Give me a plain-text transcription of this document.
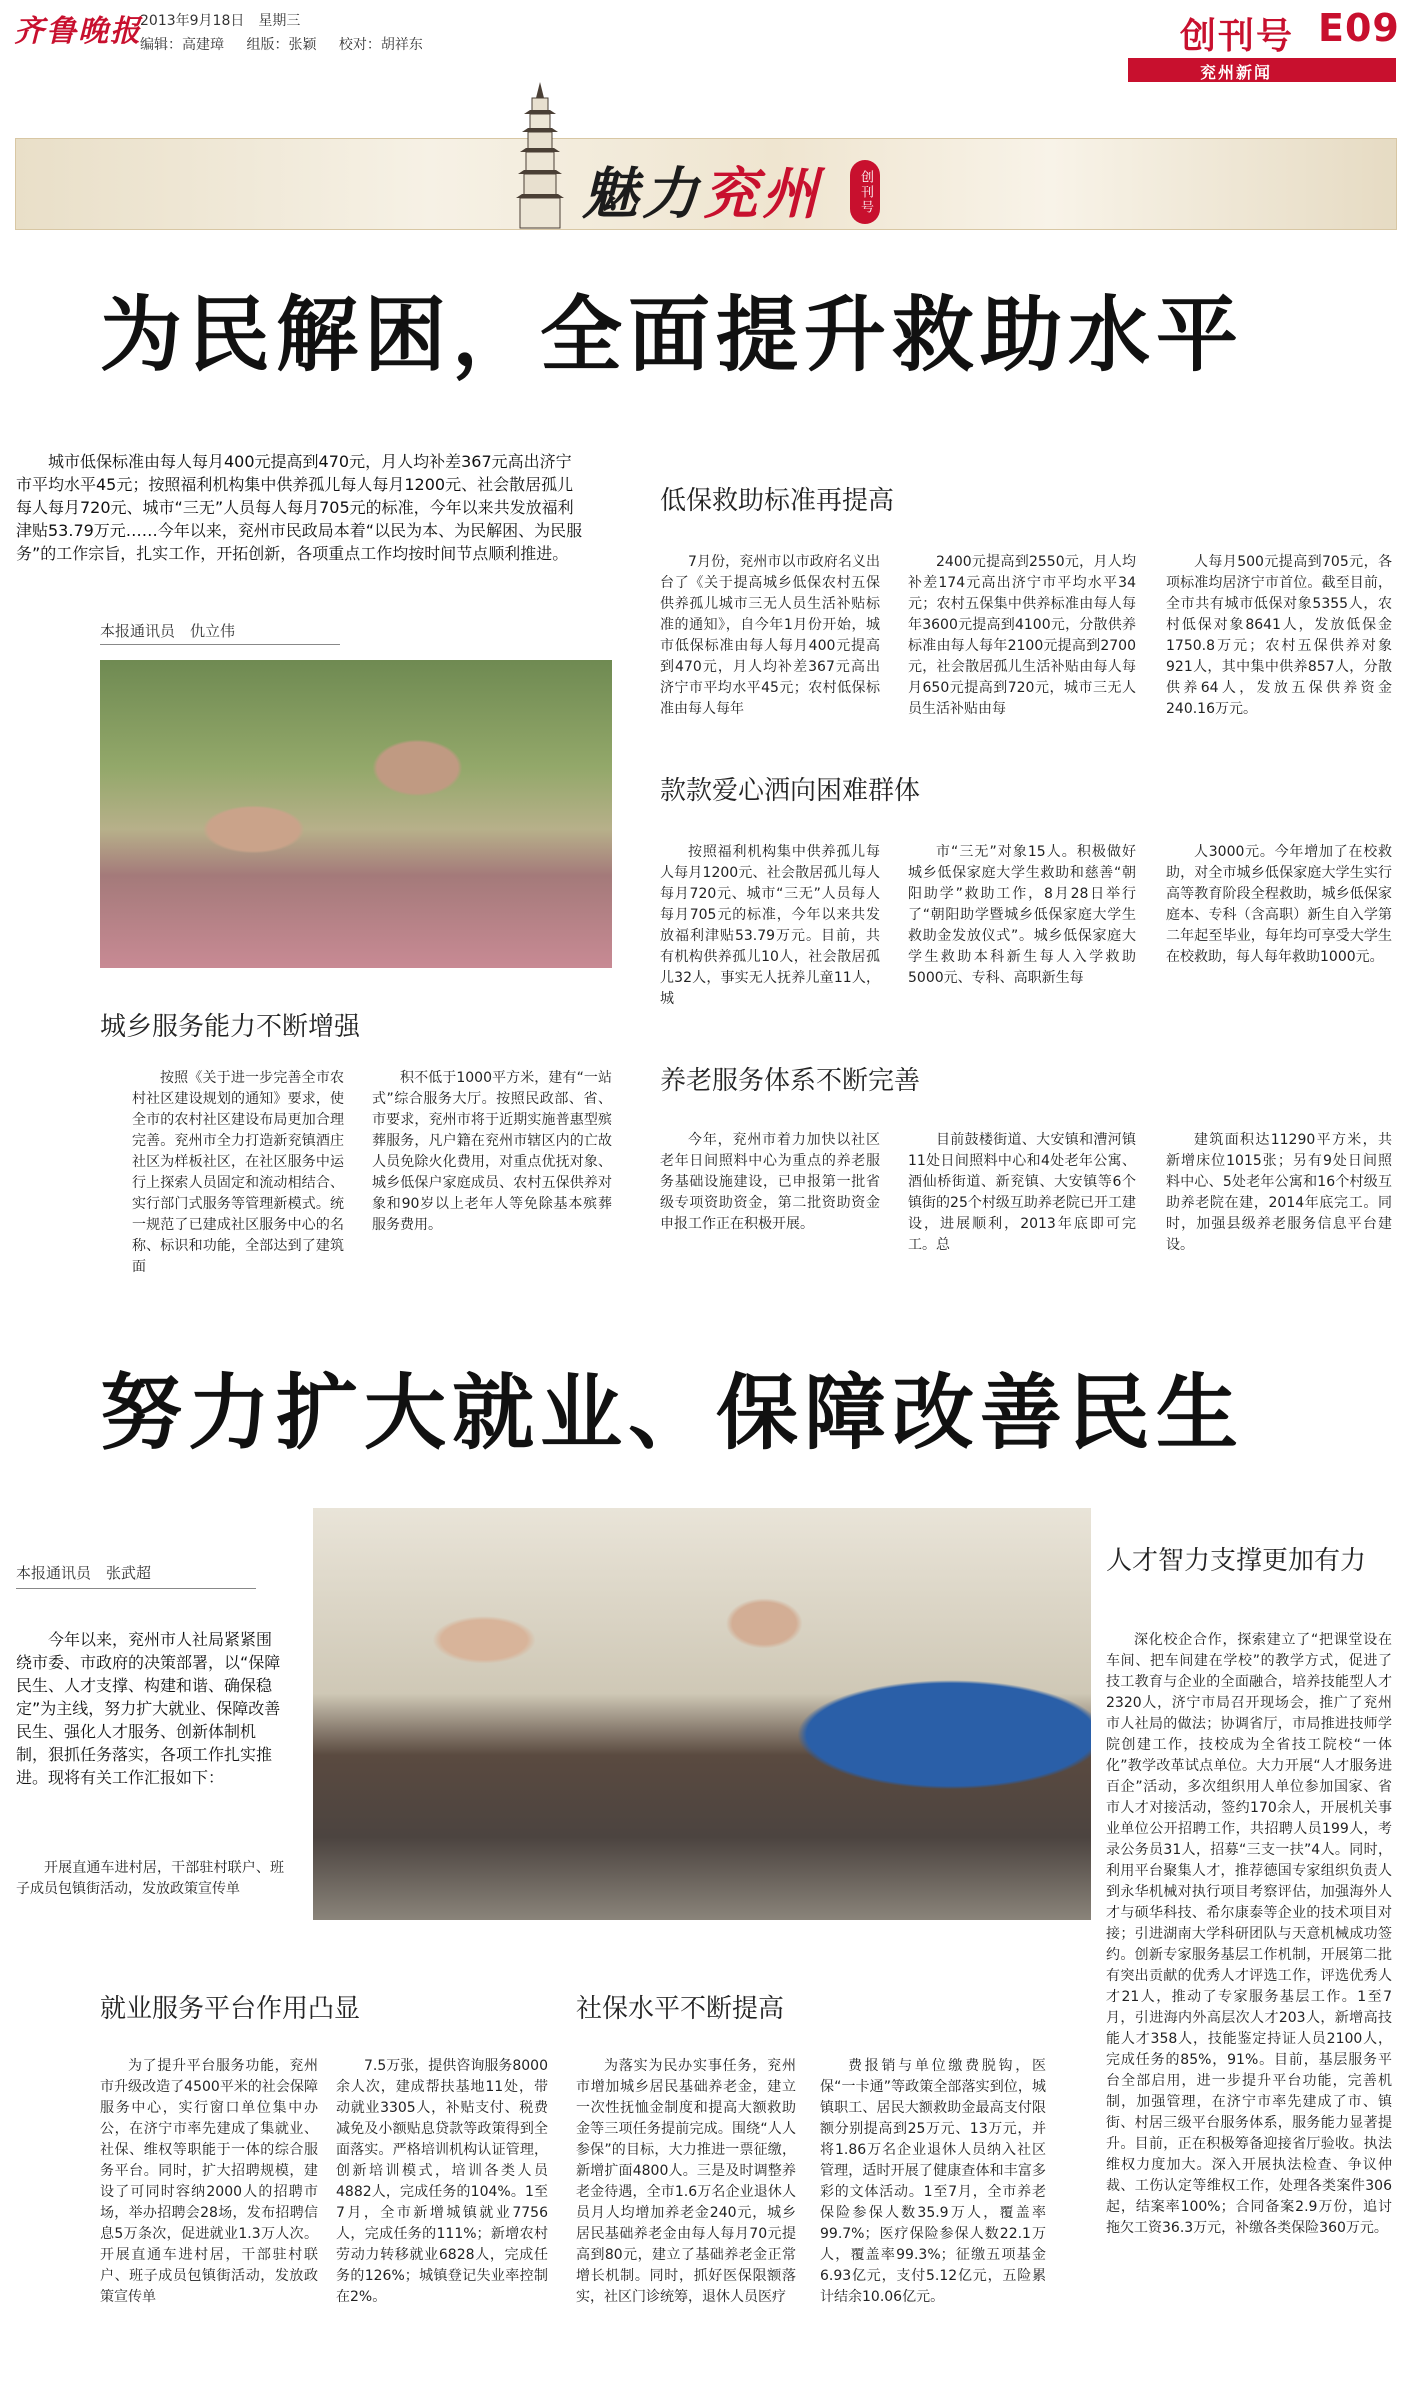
齐鲁晚报
2013年9月18日　星期三
编辑：高建璋 组版：张颖 校对：胡祥东	创刊号 E09
兖州新闻
魅力兖州	创刊号
为民解困，全面提升救助水平
城市低保标准由每人每月400元提高到470元，月人均补差367元高出济宁市平均水平45元；按照福利机构集中供养孤儿每人每月1200元、社会散居孤儿每人每月720元、城市“三无”人员每人每月705元的标准，今年以来共发放福利津贴53.79万元……今年以来，兖州市民政局本着“以民为本、为民解困、为民服务”的工作宗旨，扎实工作，开拓创新，各项重点工作均按时间节点顺利推进。
本报通讯员　仇立伟
城乡服务能力不断增强
按照《关于进一步完善全市农村社区建设规划的通知》要求，使全市的农村社区建设布局更加合理完善。兖州市全力打造新兖镇酒庄社区为样板社区，在社区服务中运行上探索人员固定和流动相结合、实行部门式服务等管理新模式。统一规范了已建成社区服务中心的名称、标识和功能，全部达到了建筑面
积不低于1000平方米，建有“一站式”综合服务大厅。按照民政部、省、市要求，兖州市将于近期实施普惠型殡葬服务，凡户籍在兖州市辖区内的亡故人员免除火化费用，对重点优抚对象、城乡低保户家庭成员、农村五保供养对象和90岁以上老年人等免除基本殡葬服务费用。
低保救助标准再提高
7月份，兖州市以市政府名义出台了《关于提高城乡低保农村五保供养孤儿城市三无人员生活补贴标准的通知》，自今年1月份开始，城市低保标准由每人每月400元提高到470元，月人均补差367元高出济宁市平均水平45元；农村低保标准由每人每年
2400元提高到2550元，月人均补差174元高出济宁市平均水平34元；农村五保集中供养标准由每人每年3600元提高到4100元，分散供养标准由每人每年2100元提高到2700元，社会散居孤儿生活补贴由每人每月650元提高到720元，城市三无人员生活补贴由每
人每月500元提高到705元，各项标准均居济宁市首位。截至目前，全市共有城市低保对象5355人，农村低保对象8641人，发放低保金1750.8万元；农村五保供养对象921人，其中集中供养857人，分散供养64人，发放五保供养资金240.16万元。
款款爱心洒向困难群体
按照福利机构集中供养孤儿每人每月1200元、社会散居孤儿每人每月720元、城市“三无”人员每人每月705元的标准，今年以来共发放福利津贴53.79万元。目前，共有机构供养孤儿10人，社会散居孤儿32人，事实无人抚养儿童11人，城
市“三无”对象15人。积极做好城乡低保家庭大学生救助和慈善“朝阳助学”救助工作，8月28日举行了“朝阳助学暨城乡低保家庭大学生救助金发放仪式”。城乡低保家庭大学生救助本科新生每人入学救助5000元、专科、高职新生每
人3000元。今年增加了在校救助，对全市城乡低保家庭大学生实行高等教育阶段全程救助，城乡低保家庭本、专科（含高职）新生自入学第二年起至毕业，每年均可享受大学生在校救助，每人每年救助1000元。
养老服务体系不断完善
今年，兖州市着力加快以社区老年日间照料中心为重点的养老服务基础设施建设，已申报第一批省级专项资助资金，第二批资助资金申报工作正在积极开展。
目前鼓楼街道、大安镇和漕河镇11处日间照料中心和4处老年公寓、酒仙桥街道、新兖镇、大安镇等6个镇街的25个村级互助养老院已开工建设，进展顺利，2013年底即可完工。总
建筑面积达11290平方米，共新增床位1015张；另有9处日间照料中心、5处老年公寓和16个村级互助养老院在建，2014年底完工。同时，加强县级养老服务信息平台建设。
努力扩大就业、保障改善民生
本报通讯员　张武超
今年以来，兖州市人社局紧紧围绕市委、市政府的决策部署，以“保障民生、人才支撑、构建和谐、确保稳定”为主线，努力扩大就业、保障改善民生、强化人才服务、创新体制机制，狠抓任务落实，各项工作扎实推进。现将有关工作汇报如下：
开展直通车进村居，干部驻村联户、班子成员包镇街活动，发放政策宣传单
就业服务平台作用凸显
为了提升平台服务功能，兖州市升级改造了4500平米的社会保障服务中心，实行窗口单位集中办公，在济宁市率先建成了集就业、社保、维权等职能于一体的综合服务平台。同时，扩大招聘规模，建设了可同时容纳2000人的招聘市场，举办招聘会28场，发布招聘信息5万条次，促进就业1.3万人次。开展直通车进村居，干部驻村联户、班子成员包镇街活动，发放政策宣传单
7.5万张，提供咨询服务8000余人次，建成帮扶基地11处，带动就业3305人，补贴支付、税费减免及小额贴息贷款等政策得到全面落实。严格培训机构认证管理，创新培训模式，培训各类人员4882人，完成任务的104%。1至7月，全市新增城镇就业7756人，完成任务的111%；新增农村劳动力转移就业6828人，完成任务的126%；城镇登记失业率控制在2%。
社保水平不断提高
为落实为民办实事任务，兖州市增加城乡居民基础养老金，建立一次性抚恤金制度和提高大额救助金等三项任务提前完成。围绕“人人参保”的目标，大力推进一票征缴，新增扩面4800人。三是及时调整养老金待遇，全市1.6万名企业退休人员月人均增加养老金240元，城乡居民基础养老金由每人每月70元提高到80元，建立了基础养老金正常增长机制。同时，抓好医保限额落实，社区门诊统筹，退休人员医疗
费报销与单位缴费脱钩，医保“一卡通”等政策全部落实到位，城镇职工、居民大额救助金最高支付限额分别提高到25万元、13万元，并将1.86万名企业退休人员纳入社区管理，适时开展了健康查体和丰富多彩的文体活动。1至7月，全市养老保险参保人数35.9万人，覆盖率99.7%；医疗保险参保人数22.1万人，覆盖率99.3%；征缴五项基金6.93亿元，支付5.12亿元，五险累计结余10.06亿元。
人才智力支撑更加有力
深化校企合作，探索建立了“把课堂设在车间、把车间建在学校”的教学方式，促进了技工教育与企业的全面融合，培养技能型人才2320人，济宁市局召开现场会，推广了兖州市人社局的做法；协调省厅，市局推进技师学院创建工作，技校成为全省技工院校“一体化”教学改革试点单位。大力开展“人才服务进百企”活动，多次组织用人单位参加国家、省市人才对接活动，签约170余人，开展机关事业单位公开招聘工作，共招聘人员199人，考录公务员31人，招募“三支一扶”4人。同时，利用平台聚集人才，推荐德国专家组织负责人到永华机械对执行项目考察评估，加强海外人才与硕华科技、希尔康泰等企业的技术项目对接；引进湖南大学科研团队与天意机械成功签约。创新专家服务基层工作机制，开展第二批有突出贡献的优秀人才评选工作，评选优秀人才21人，推动了专家服务基层工作。1至7月，引进海内外高层次人才203人，新增高技能人才358人，技能鉴定持证人员2100人，完成任务的85%，91%。目前，基层服务平台全部启用，进一步提升平台功能，完善机制，加强管理，在济宁市率先建成了市、镇街、村居三级平台服务体系，服务能力显著提升。目前，正在积极筹备迎接省厅验收。执法维权力度加大。深入开展执法检查、争议仲裁、工伤认定等维权工作，处理各类案件306起，结案率100%；合同备案2.9万份，追讨拖欠工资36.3万元，补缴各类保险360万元。
